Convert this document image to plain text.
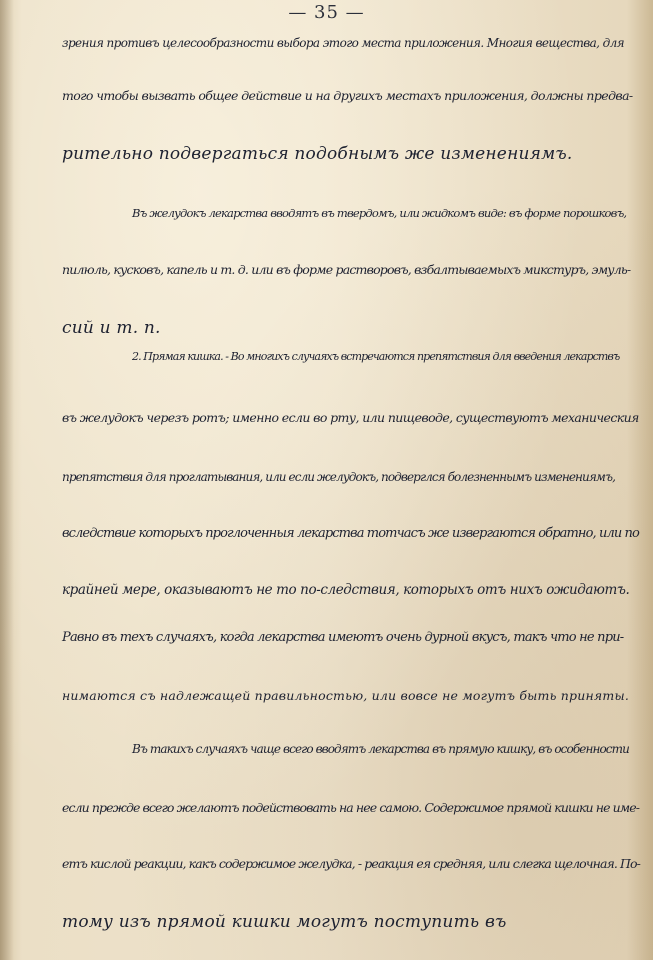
— 35 —
зрения противъ целесообразности выбора этого места приложения. Многия вещества, для
того чтобы вызвать общее действие и на другихъ местахъ приложения, должны предва-
рительно подвергаться подобнымъ же изменениямъ.
Въ желудокъ лекарства вводятъ въ твердомъ, или жидкомъ виде: въ форме порошковъ,
пилюль, кусковъ, капель и т. д. или въ форме растворовъ, взбалтываемыхъ микстуръ, эмуль-
сий и т. п.
2. Прямая кишка. - Во многихъ случаяхъ встречаются препятствия для введения лекарствъ
въ желудокъ черезъ ротъ; именно если во рту, или пищеводе, существуютъ механическия
препятствия для проглатывания, или если желудокъ, подверглся болезненнымъ изменениямъ,
вследствие которыхъ проглоченныя лекарства тотчасъ же извергаются обратно, или по
крайней мере, оказываютъ не то по-следствия, которыхъ отъ нихъ ожидаютъ.
Равно въ техъ случаяхъ, когда лекарства имеютъ очень дурной вкусъ, такъ что не при-
нимаются съ надлежащей правильностью, или вовсе не могутъ быть приняты.
Въ такихъ случаяхъ чаще всего вводятъ лекарства въ прямую кишку, въ особенности
если прежде всего желаютъ подействовать на нее самою. Содержимое прямой кишки не име-
етъ кислой реакции, какъ содержимое желудка, - реакция ея средняя, или слегка щелочная. По-
тому изъ прямой кишки могутъ поступить въ
